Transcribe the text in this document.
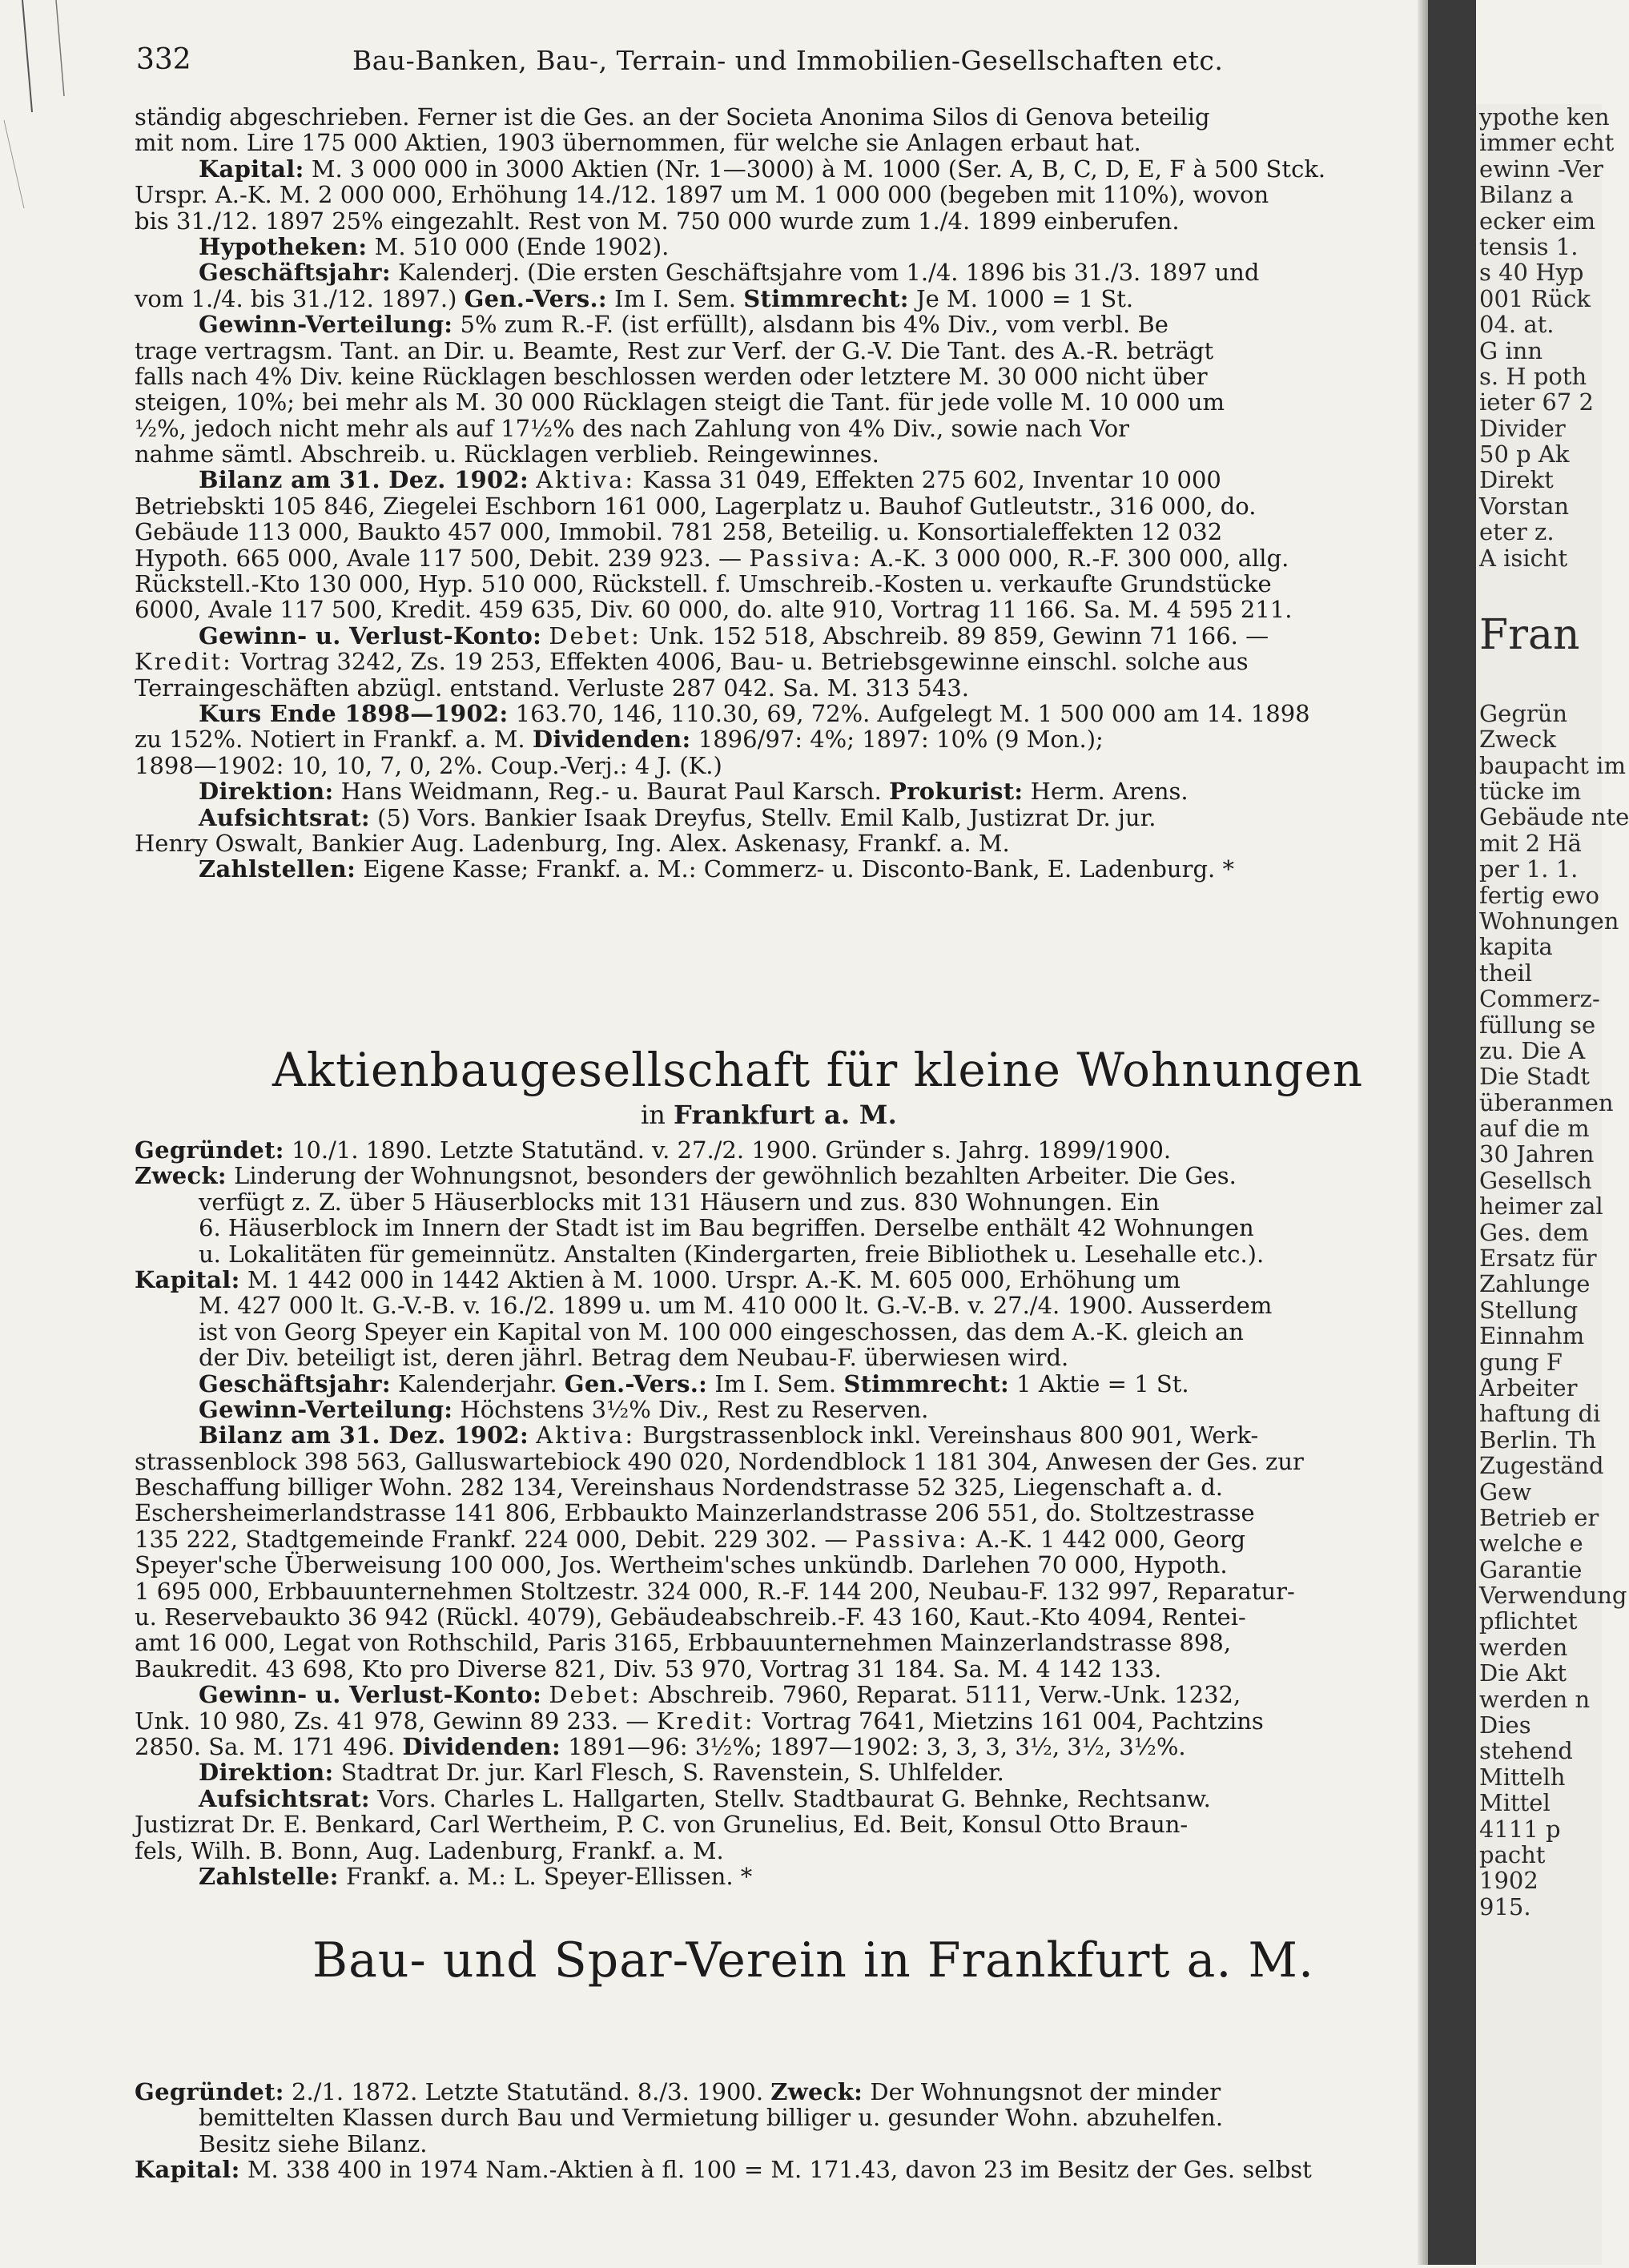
332	Bau-Banken, Bau-, Terrain- und Immobilien-Gesellschaften etc.
ständig abgeschrieben. Ferner ist die Ges. an der Societa Anonima Silos di Genova beteilig
mit nom. Lire 175 000 Aktien, 1903 übernommen, für welche sie Anlagen erbaut hat.
Kapital: M. 3 000 000 in 3000 Aktien (Nr. 1—3000) à M. 1000 (Ser. A, B, C, D, E, F à 500 Stck.
Urspr. A.-K. M. 2 000 000, Erhöhung 14./12. 1897 um M. 1 000 000 (begeben mit 110%), wovon
bis 31./12. 1897 25% eingezahlt. Rest von M. 750 000 wurde zum 1./4. 1899 einberufen.
Hypotheken: M. 510 000 (Ende 1902).
Geschäftsjahr: Kalenderj. (Die ersten Geschäftsjahre vom 1./4. 1896 bis 31./3. 1897 und
vom 1./4. bis 31./12. 1897.) Gen.-Vers.: Im I. Sem. Stimmrecht: Je M. 1000 = 1 St.
Gewinn-Verteilung: 5% zum R.-F. (ist erfüllt), alsdann bis 4% Div., vom verbl. Be
trage vertragsm. Tant. an Dir. u. Beamte, Rest zur Verf. der G.-V. Die Tant. des A.-R. beträgt
falls nach 4% Div. keine Rücklagen beschlossen werden oder letztere M. 30 000 nicht über
steigen, 10%; bei mehr als M. 30 000 Rücklagen steigt die Tant. für jede volle M. 10 000 um
½%, jedoch nicht mehr als auf 17½% des nach Zahlung von 4% Div., sowie nach Vor
nahme sämtl. Abschreib. u. Rücklagen verblieb. Reingewinnes.
Bilanz am 31. Dez. 1902: Aktiva: Kassa 31 049, Effekten 275 602, Inventar 10 000
Betriebskti 105 846, Ziegelei Eschborn 161 000, Lagerplatz u. Bauhof Gutleutstr., 316 000, do.
Gebäude 113 000, Baukto 457 000, Immobil. 781 258, Beteilig. u. Konsortialeffekten 12 032
Hypoth. 665 000, Avale 117 500, Debit. 239 923. — Passiva: A.-K. 3 000 000, R.-F. 300 000, allg.
Rückstell.-Kto 130 000, Hyp. 510 000, Rückstell. f. Umschreib.-Kosten u. verkaufte Grundstücke
6000, Avale 117 500, Kredit. 459 635, Div. 60 000, do. alte 910, Vortrag 11 166. Sa. M. 4 595 211.
Gewinn- u. Verlust-Konto: Debet: Unk. 152 518, Abschreib. 89 859, Gewinn 71 166. —
Kredit: Vortrag 3242, Zs. 19 253, Effekten 4006, Bau- u. Betriebsgewinne einschl. solche aus
Terraingeschäften abzügl. entstand. Verluste 287 042. Sa. M. 313 543.
Kurs Ende 1898—1902: 163.70, 146, 110.30, 69, 72%. Aufgelegt M. 1 500 000 am 14. 1898
zu 152%. Notiert in Frankf. a. M. Dividenden: 1896/97: 4%; 1897: 10% (9 Mon.);
1898—1902: 10, 10, 7, 0, 2%. Coup.-Verj.: 4 J. (K.)
Direktion: Hans Weidmann, Reg.- u. Baurat Paul Karsch. Prokurist: Herm. Arens.
Aufsichtsrat: (5) Vors. Bankier Isaak Dreyfus, Stellv. Emil Kalb, Justizrat Dr. jur.
Henry Oswalt, Bankier Aug. Ladenburg, Ing. Alex. Askenasy, Frankf. a. M.
Zahlstellen: Eigene Kasse; Frankf. a. M.: Commerz- u. Disconto-Bank, E. Ladenburg. *
Aktienbaugesellschaft für kleine Wohnungen
in Frankfurt a. M.
Gegründet: 10./1. 1890. Letzte Statutänd. v. 27./2. 1900. Gründer s. Jahrg. 1899/1900.
Zweck: Linderung der Wohnungsnot, besonders der gewöhnlich bezahlten Arbeiter. Die Ges.
verfügt z. Z. über 5 Häuserblocks mit 131 Häusern und zus. 830 Wohnungen. Ein
6. Häuserblock im Innern der Stadt ist im Bau begriffen. Derselbe enthält 42 Wohnungen
u. Lokalitäten für gemeinnütz. Anstalten (Kindergarten, freie Bibliothek u. Lesehalle etc.).
Kapital: M. 1 442 000 in 1442 Aktien à M. 1000. Urspr. A.-K. M. 605 000, Erhöhung um
M. 427 000 lt. G.-V.-B. v. 16./2. 1899 u. um M. 410 000 lt. G.-V.-B. v. 27./4. 1900. Ausserdem
ist von Georg Speyer ein Kapital von M. 100 000 eingeschossen, das dem A.-K. gleich an
der Div. beteiligt ist, deren jährl. Betrag dem Neubau-F. überwiesen wird.
Geschäftsjahr: Kalenderjahr. Gen.-Vers.: Im I. Sem. Stimmrecht: 1 Aktie = 1 St.
Gewinn-Verteilung: Höchstens 3½% Div., Rest zu Reserven.
Bilanz am 31. Dez. 1902: Aktiva: Burgstrassenblock inkl. Vereinshaus 800 901, Werk-
strassenblock 398 563, Galluswartebiock 490 020, Nordendblock 1 181 304, Anwesen der Ges. zur
Beschaffung billiger Wohn. 282 134, Vereinshaus Nordendstrasse 52 325, Liegenschaft a. d.
Eschersheimerlandstrasse 141 806, Erbbaukto Mainzerlandstrasse 206 551, do. Stoltzestrasse
135 222, Stadtgemeinde Frankf. 224 000, Debit. 229 302. — Passiva: A.-K. 1 442 000, Georg
Speyer'sche Überweisung 100 000, Jos. Wertheim'sches unkündb. Darlehen 70 000, Hypoth.
1 695 000, Erbbauunternehmen Stoltzestr. 324 000, R.-F. 144 200, Neubau-F. 132 997, Reparatur-
u. Reservebaukto 36 942 (Rückl. 4079), Gebäudeabschreib.-F. 43 160, Kaut.-Kto 4094, Rentei-
amt 16 000, Legat von Rothschild, Paris 3165, Erbbauunternehmen Mainzerlandstrasse 898,
Baukredit. 43 698, Kto pro Diverse 821, Div. 53 970, Vortrag 31 184. Sa. M. 4 142 133.
Gewinn- u. Verlust-Konto: Debet: Abschreib. 7960, Reparat. 5111, Verw.-Unk. 1232,
Unk. 10 980, Zs. 41 978, Gewinn 89 233. — Kredit: Vortrag 7641, Mietzins 161 004, Pachtzins
2850. Sa. M. 171 496. Dividenden: 1891—96: 3½%; 1897—1902: 3, 3, 3, 3½, 3½, 3½%.
Direktion: Stadtrat Dr. jur. Karl Flesch, S. Ravenstein, S. Uhlfelder.
Aufsichtsrat: Vors. Charles L. Hallgarten, Stellv. Stadtbaurat G. Behnke, Rechtsanw.
Justizrat Dr. E. Benkard, Carl Wertheim, P. C. von Grunelius, Ed. Beit, Konsul Otto Braun-
fels, Wilh. B. Bonn, Aug. Ladenburg, Frankf. a. M.
Zahlstelle: Frankf. a. M.: L. Speyer-Ellissen. *
Bau- und Spar-Verein in Frankfurt a. M.
Gegründet: 2./1. 1872. Letzte Statutänd. 8./3. 1900. Zweck: Der Wohnungsnot der minder
bemittelten Klassen durch Bau und Vermietung billiger u. gesunder Wohn. abzuhelfen.
Besitz siehe Bilanz.
Kapital: M. 338 400 in 1974 Nam.-Aktien à fl. 100 = M. 171.43, davon 23 im Besitz der Ges. selbst
ypothe ken
immer echt
ewinn -Ver
Bilanz a
ecker eim
tensis 1.
s 40 Hyp
001 Rück
04. at.
G inn
s. H poth
ieter 67 2
Divider
50 p Ak
Direkt
Vorstan
eter z.
A isicht
Fran
Gegrün
Zweck
baupacht im
tücke im
Gebäude nte
mit 2 Hä
per 1. 1.
fertig ewo
Wohnungen
kapita
theil
Commerz-
füllung se
zu. Die A
Die Stadt
überanmen
auf die m
30 Jahren
Gesellsch
heimer zal
Ges. dem
Ersatz für
Zahlunge
Stellung
Einnahm
gung F
Arbeiter
haftung di
Berlin. Th
Zugeständ
Gew
Betrieb er
welche e
Garantie
Verwendung
pflichtet
werden
Die Akt
werden n
Dies
stehend
Mittelh
Mittel
4111 p
pacht
1902
915.
